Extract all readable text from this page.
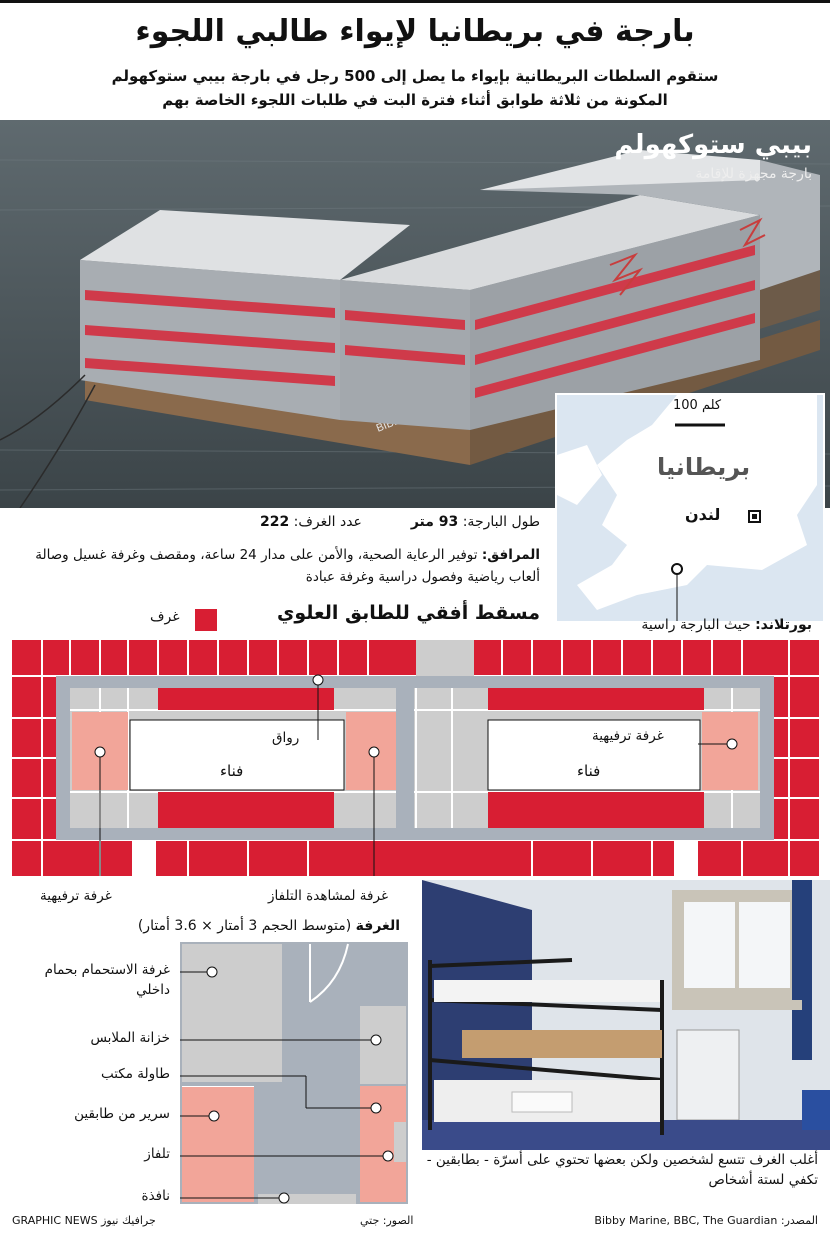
بارجة في بريطانيا لإيواء طالبي اللجوء
ستقوم السلطات البريطانية بإيواء ما يصل إلى 500 رجل في بارجة بيبي ستوكهولم
المكونة من ثلاثة طوابق أثناء فترة البت في طلبات اللجوء الخاصة بهم
بيبي ستوكهولم
بارجة مجهزة للإقامة
100 كلم
بريطانيا
لندن
طول البارجة: 93 متر  عدد الغرف: 222
المرافق: توفير الرعاية الصحية، والأمن على مدار 24 ساعة، ومقصف وغرفة غسيل وصالة ألعاب رياضية وفصول دراسية وغرفة عبادة
بورتلاند: حيث البارجة راسية
مسقط أفقي للطابق العلوي
غرف
رواق
فناء	فناء
غرفة ترفيهية
غرفة ترفيهية	غرفة لمشاهدة التلفاز
الغرفة (متوسط الحجم 3 أمتار × 3.6 أمتار)
غرفة الاستحمام بحمام داخلي
خزانة الملابس
طاولة مكتب
سرير من طابقين
تلفاز
نافذة
أغلب الغرف تتسع لشخصين ولكن بعضها تحتوي على أسرّة - بطابقين - تكفي لستة أشخاص
المصدر: Bibby Marine, BBC, The Guardian
الصور: جتي
GRAPHIC NEWS جرافيك نيوز
